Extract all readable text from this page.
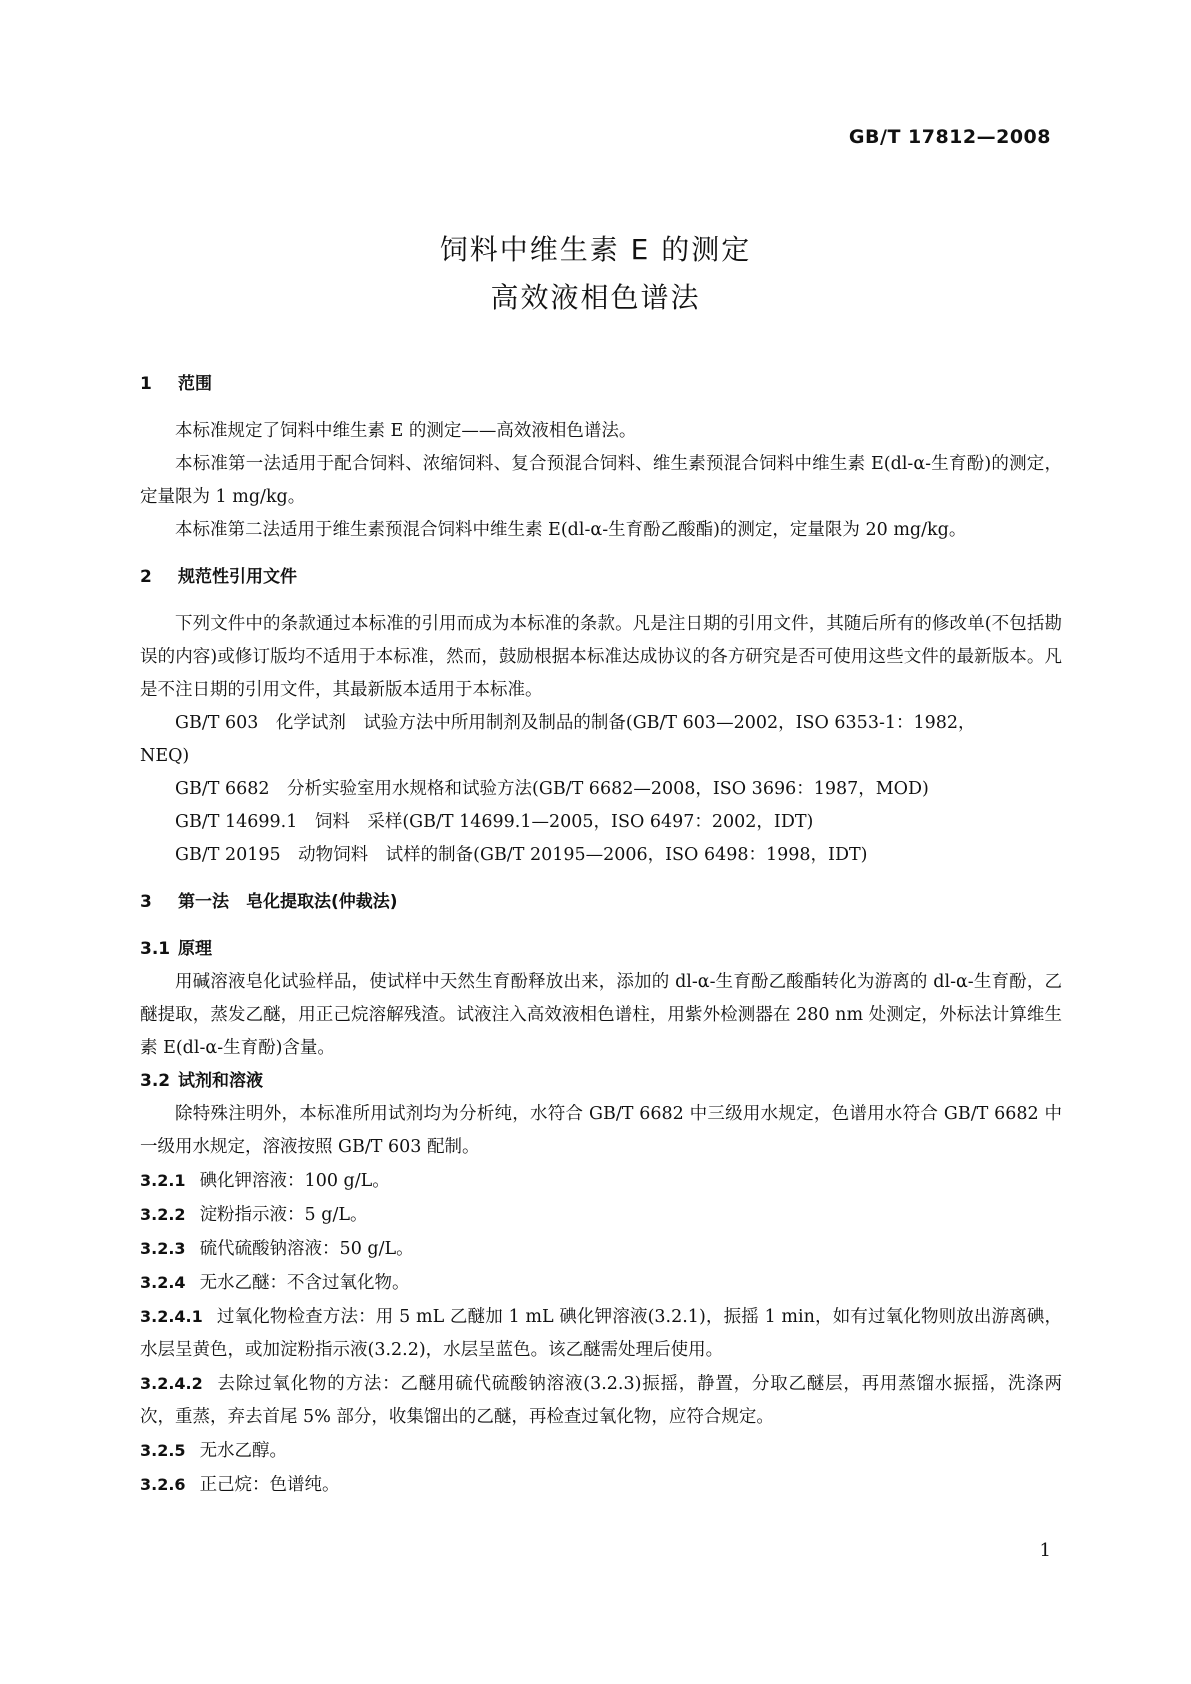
GB/T 17812—2008
饲料中维生素 E 的测定
高效液相色谱法

1 范围

本标准规定了饲料中维生素 E 的测定——高效液相色谱法。

本标准第一法适用于配合饲料、浓缩饲料、复合预混合饲料、维生素预混合饲料中维生素 E(dl-α-生育酚)的测定，定量限为 1 mg/kg。

本标准第二法适用于维生素预混合饲料中维生素 E(dl-α-生育酚乙酸酯)的测定，定量限为 20 mg/kg。

2 规范性引用文件

下列文件中的条款通过本标准的引用而成为本标准的条款。凡是注日期的引用文件，其随后所有的修改单(不包括勘误的内容)或修订版均不适用于本标准，然而，鼓励根据本标准达成协议的各方研究是否可使用这些文件的最新版本。凡是不注日期的引用文件，其最新版本适用于本标准。

GB/T 603　化学试剂　试验方法中所用制剂及制品的制备(GB/T 603—2002，ISO 6353-1：1982，
NEQ)

GB/T 6682　分析实验室用水规格和试验方法(GB/T 6682—2008，ISO 3696：1987，MOD)

GB/T 14699.1　饲料　采样(GB/T 14699.1—2005，ISO 6497：2002，IDT)

GB/T 20195　动物饲料　试样的制备(GB/T 20195—2006，ISO 6498：1998，IDT)

3 第一法　皂化提取法(仲裁法)

3.1 原理

用碱溶液皂化试验样品，使试样中天然生育酚释放出来，添加的 dl-α-生育酚乙酸酯转化为游离的 dl-α-生育酚，乙醚提取，蒸发乙醚，用正己烷溶解残渣。试液注入高效液相色谱柱，用紫外检测器在 280 nm 处测定，外标法计算维生素 E(dl-α-生育酚)含量。

3.2 试剂和溶液

除特殊注明外，本标准所用试剂均为分析纯，水符合 GB/T 6682 中三级用水规定，色谱用水符合 GB/T 6682 中一级用水规定，溶液按照 GB/T 603 配制。

3.2.1 碘化钾溶液：100 g/L。

3.2.2 淀粉指示液：5 g/L。

3.2.3 硫代硫酸钠溶液：50 g/L。

3.2.4 无水乙醚：不含过氧化物。

3.2.4.1 过氧化物检查方法：用 5 mL 乙醚加 1 mL 碘化钾溶液(3.2.1)，振摇 1 min，如有过氧化物则放出游离碘，水层呈黄色，或加淀粉指示液(3.2.2)，水层呈蓝色。该乙醚需处理后使用。

3.2.4.2 去除过氧化物的方法：乙醚用硫代硫酸钠溶液(3.2.3)振摇，静置，分取乙醚层，再用蒸馏水振摇，洗涤两次，重蒸，弃去首尾 5% 部分，收集馏出的乙醚，再检查过氧化物，应符合规定。

3.2.5 无水乙醇。

3.2.6 正己烷：色谱纯。

1
